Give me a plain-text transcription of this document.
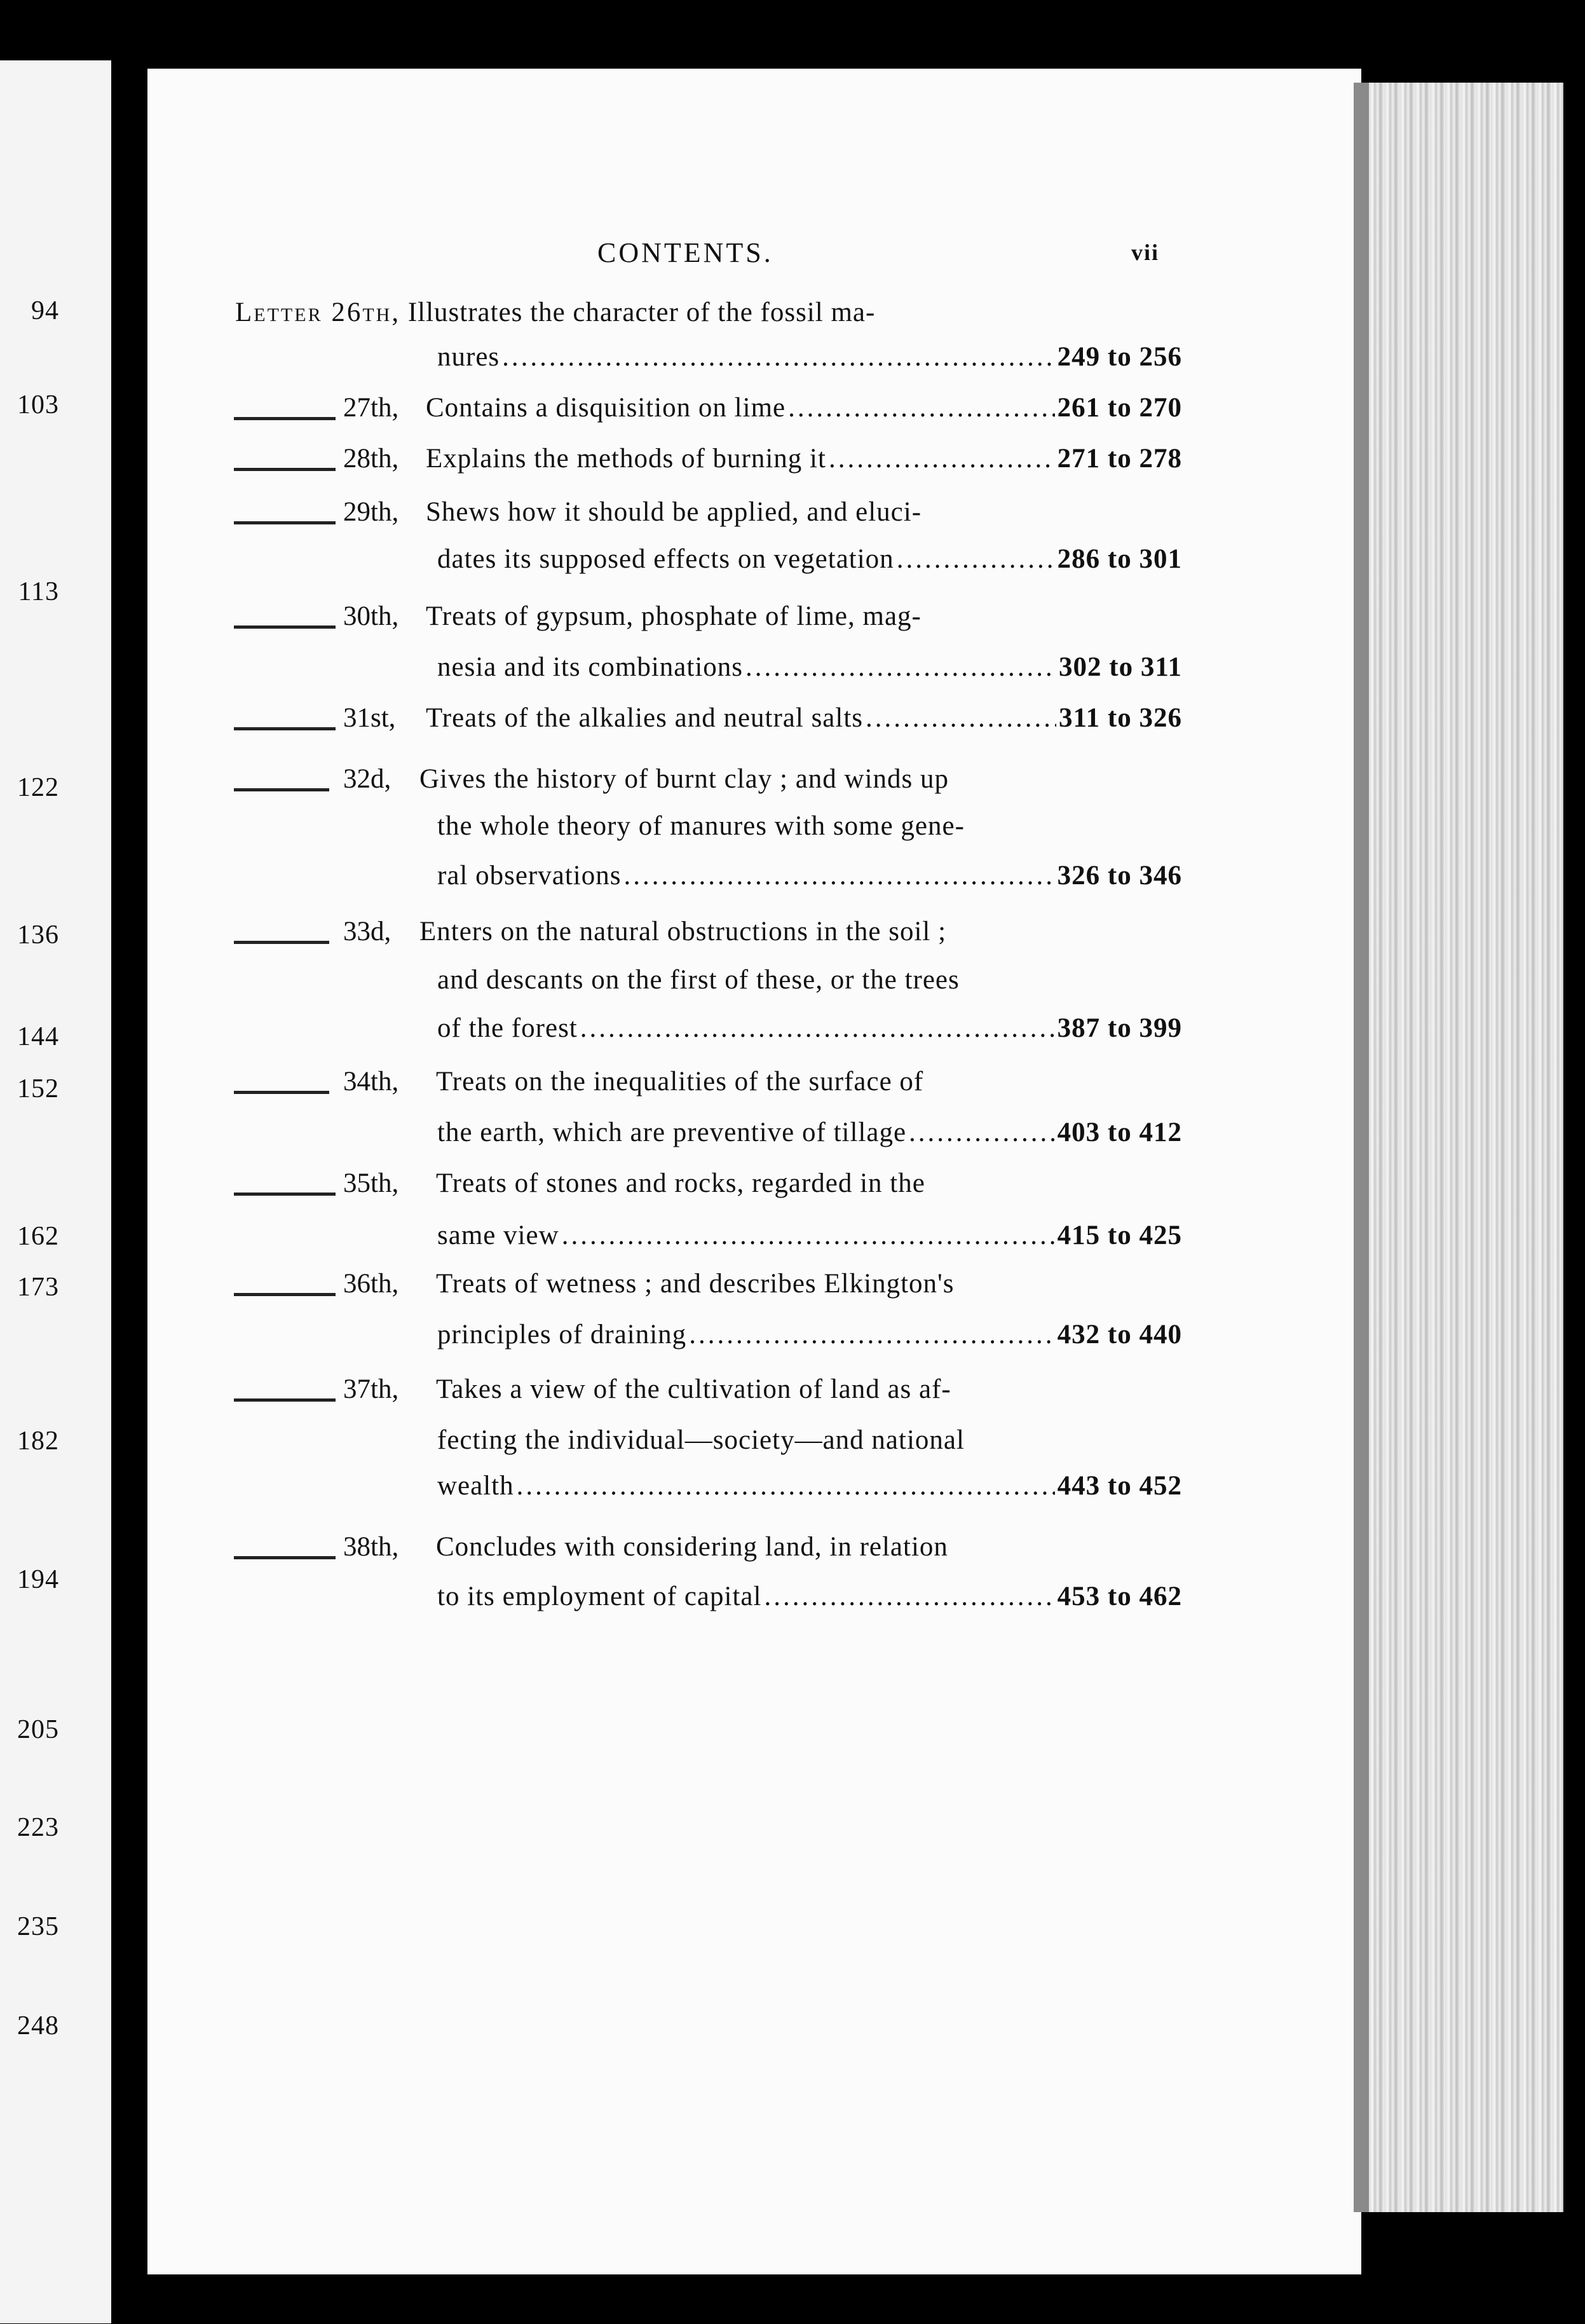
94
103
113
122
136
144
152
162
173
182
194
205
223
235
248
CONTENTS.	vii
Letter 26th, Illustrates the character of the fossil ma-
nures .....	249 to 256
27th, Contains a disquisition on lime .....	261 to 270
28th, Explains the methods of burning it .....	271 to 278
29th, Shews how it should be applied, and eluci-
dates its supposed effects on vegetation .....	286 to 301
30th, Treats of gypsum, phosphate of lime, mag-
nesia and its combinations .....	302 to 311
31st, Treats of the alkalies and neutral salts .....	311 to 326
32d, Gives the history of burnt clay ; and winds up
the whole theory of manures with some gene-
ral observations .....	326 to 346
33d, Enters on the natural obstructions in the soil ;
and descants on the first of these, or the trees
of the forest .....	387 to 399
34th, Treats on the inequalities of the surface of
the earth, which are preventive of tillage .....	403 to 412
35th, Treats of stones and rocks, regarded in the
same view .....	415 to 425
36th, Treats of wetness ; and describes Elkington's
principles of draining .....	432 to 440
37th, Takes a view of the cultivation of land as af-
fecting the individual—society—and national
wealth .....	443 to 452
38th, Concludes with considering land, in relation
to its employment of capital .....	453 to 462
